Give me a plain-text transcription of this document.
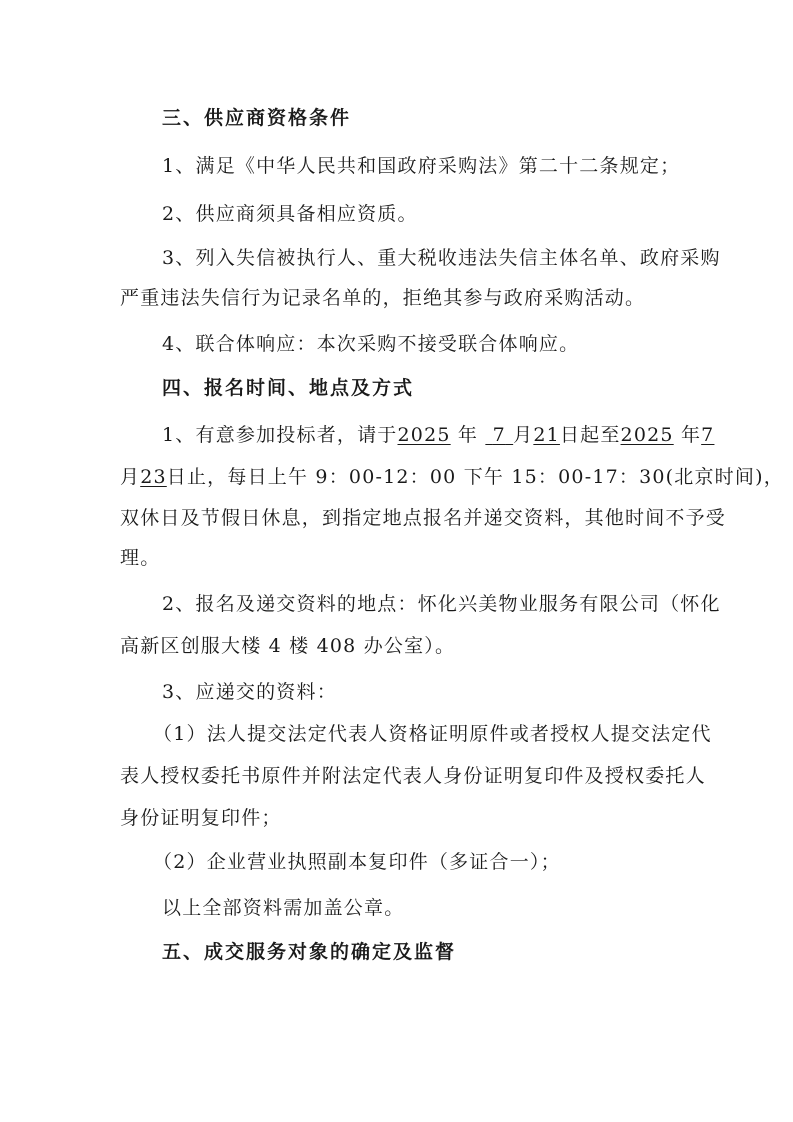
三、供应商资格条件
1、满足《中华人民共和国政府采购法》第二十二条规定；
2、供应商须具备相应资质。
3、列入失信被执行人、重大税收违法失信主体名单、政府采购
严重违法失信行为记录名单的，拒绝其参与政府采购活动。
4、联合体响应：本次采购不接受联合体响应。
四、报名时间、地点及方式
1、有意参加投标者，请于2025 年 7 月21日起至2025 年7
月23日止，每日上午 9：00-12：00 下午 15：00-17：30(北京时间)，
双休日及节假日休息，到指定地点报名并递交资料，其他时间不予受
理。
2、报名及递交资料的地点：怀化兴美物业服务有限公司（怀化
高新区创服大楼 4 楼 408 办公室）。
3、应递交的资料：
（1）法人提交法定代表人资格证明原件或者授权人提交法定代
表人授权委托书原件并附法定代表人身份证明复印件及授权委托人
身份证明复印件；
（2）企业营业执照副本复印件（多证合一）；
以上全部资料需加盖公章。
五、成交服务对象的确定及监督
